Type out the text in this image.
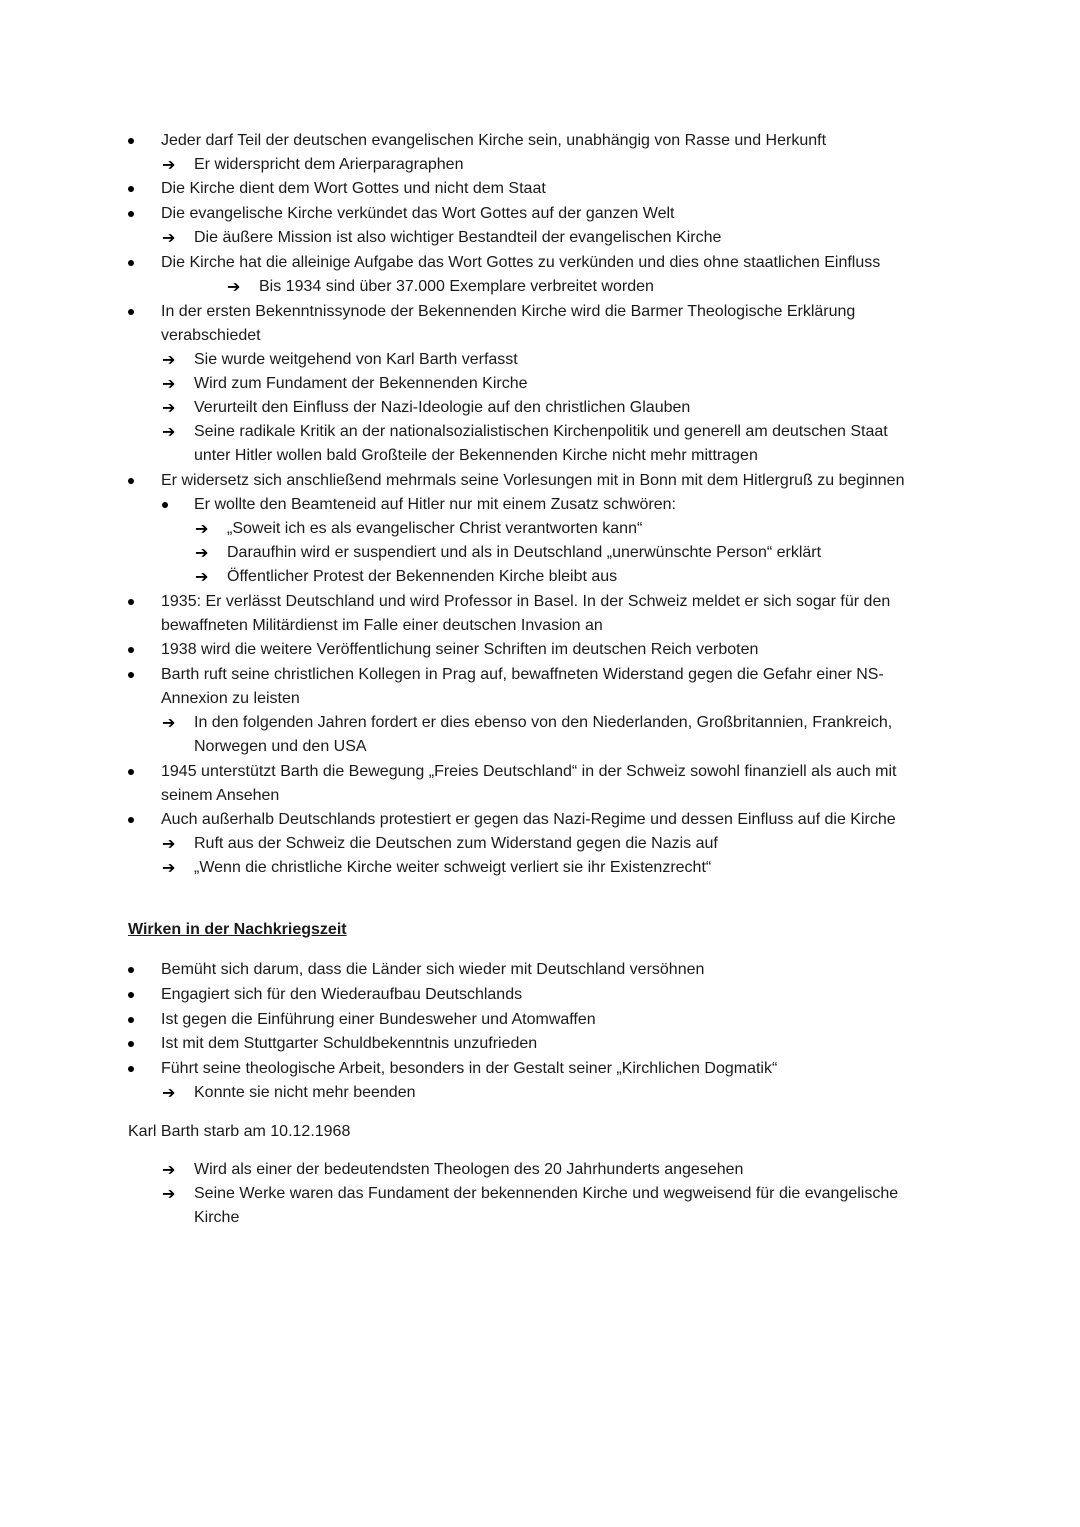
Jeder darf Teil der deutschen evangelischen Kirche sein, unabhängig von Rasse und Herkunft
➔ Er widerspricht dem Arierparagraphen
Die Kirche dient dem Wort Gottes und nicht dem Staat
Die evangelische Kirche verkündet das Wort Gottes auf der ganzen Welt
➔ Die äußere Mission ist also wichtiger Bestandteil der evangelischen Kirche
Die Kirche hat die alleinige Aufgabe das Wort Gottes zu verkünden und dies ohne staatlichen Einfluss
➔ Bis 1934 sind über 37.000 Exemplare verbreitet worden
In der ersten Bekenntnissynode der Bekennenden Kirche wird die Barmer Theologische Erklärung
verabschiedet
➔ Sie wurde weitgehend von Karl Barth verfasst
➔ Wird zum Fundament der Bekennenden Kirche
➔ Verurteilt den Einfluss der Nazi-Ideologie auf den christlichen Glauben
➔ Seine radikale Kritik an der nationalsozialistischen Kirchenpolitik und generell am deutschen Staat
unter Hitler wollen bald Großteile der Bekennenden Kirche nicht mehr mittragen
Er widersetz sich anschließend mehrmals seine Vorlesungen mit in Bonn mit dem Hitlergruß zu beginnen
Er wollte den Beamteneid auf Hitler nur mit einem Zusatz schwören:
➔ „Soweit ich es als evangelischer Christ verantworten kann“
➔ Daraufhin wird er suspendiert und als in Deutschland „unerwünschte Person“ erklärt
➔ Öffentlicher Protest der Bekennenden Kirche bleibt aus
1935: Er verlässt Deutschland und wird Professor in Basel. In der Schweiz meldet er sich sogar für den
bewaffneten Militärdienst im Falle einer deutschen Invasion an
1938 wird die weitere Veröffentlichung seiner Schriften im deutschen Reich verboten
Barth ruft seine christlichen Kollegen in Prag auf, bewaffneten Widerstand gegen die Gefahr einer NS-
Annexion zu leisten
➔ In den folgenden Jahren fordert er dies ebenso von den Niederlanden, Großbritannien, Frankreich,
Norwegen und den USA
1945 unterstützt Barth die Bewegung „Freies Deutschland“ in der Schweiz sowohl finanziell als auch mit
seinem Ansehen
Auch außerhalb Deutschlands protestiert er gegen das Nazi-Regime und dessen Einfluss auf die Kirche
➔ Ruft aus der Schweiz die Deutschen zum Widerstand gegen die Nazis auf
➔ „Wenn die christliche Kirche weiter schweigt verliert sie ihr Existenzrecht“
Wirken in der Nachkriegszeit
Bemüht sich darum, dass die Länder sich wieder mit Deutschland versöhnen
Engagiert sich für den Wiederaufbau Deutschlands
Ist gegen die Einführung einer Bundesweher und Atomwaffen
Ist mit dem Stuttgarter Schuldbekenntnis unzufrieden
Führt seine theologische Arbeit, besonders in der Gestalt seiner „Kirchlichen Dogmatik“
➔ Konnte sie nicht mehr beenden
Karl Barth starb am 10.12.1968
➔ Wird als einer der bedeutendsten Theologen des 20 Jahrhunderts angesehen
➔ Seine Werke waren das Fundament der bekennenden Kirche und wegweisend für die evangelische
Kirche
